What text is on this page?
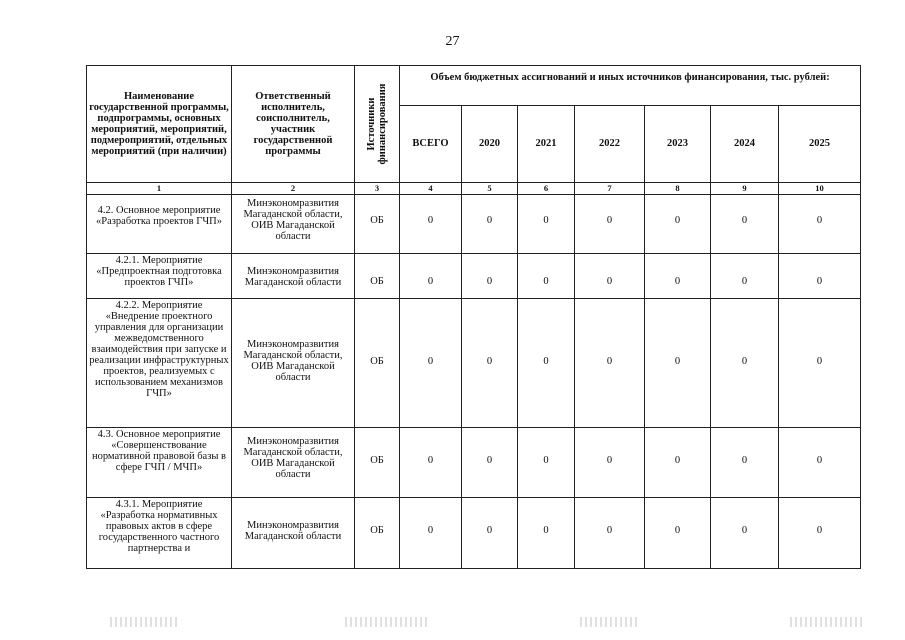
27
Наименование государственной программы, подпрограммы, основных мероприятий, мероприятий, подмероприятий, отдельных мероприятий (при наличии)	Ответственный исполнитель, соисполнитель, участник государственной программы	Источники финансирования	Объем бюджетных ассигнований и иных источников финансирования, тыс. рублей:						
			ВСЕГО	2020	2021	2022	2023	2024	2025
1	2	3	4	5	6	7	8	9	10
4.2. Основное мероприятие «Разработка проектов ГЧП»	Минэкономразвития Магаданской области, ОИВ Магаданской области	ОБ	0	0	0	0	0	0	0
4.2.1. Мероприятие «Предпроектная подготовка проектов ГЧП»	Минэкономразвития Магаданской области	ОБ	0	0	0	0	0	0	0
4.2.2. Мероприятие «Внедрение проектного управления для организации межведомственного взаимодействия при запуске и реализации инфраструктурных проектов, реализуемых с использованием механизмов ГЧП»	Минэкономразвития Магаданской области, ОИВ Магаданской области	ОБ	0	0	0	0	0	0	0
4.3. Основное мероприятие «Совершенствование нормативной правовой базы в сфере ГЧП / МЧП»	Минэкономразвития Магаданской области, ОИВ Магаданской области	ОБ	0	0	0	0	0	0	0
4.3.1. Мероприятие «Разработка нормативных правовых актов в сфере государственного частного партнерства и	Минэкономразвития Магаданской области	ОБ	0	0	0	0	0	0	0
